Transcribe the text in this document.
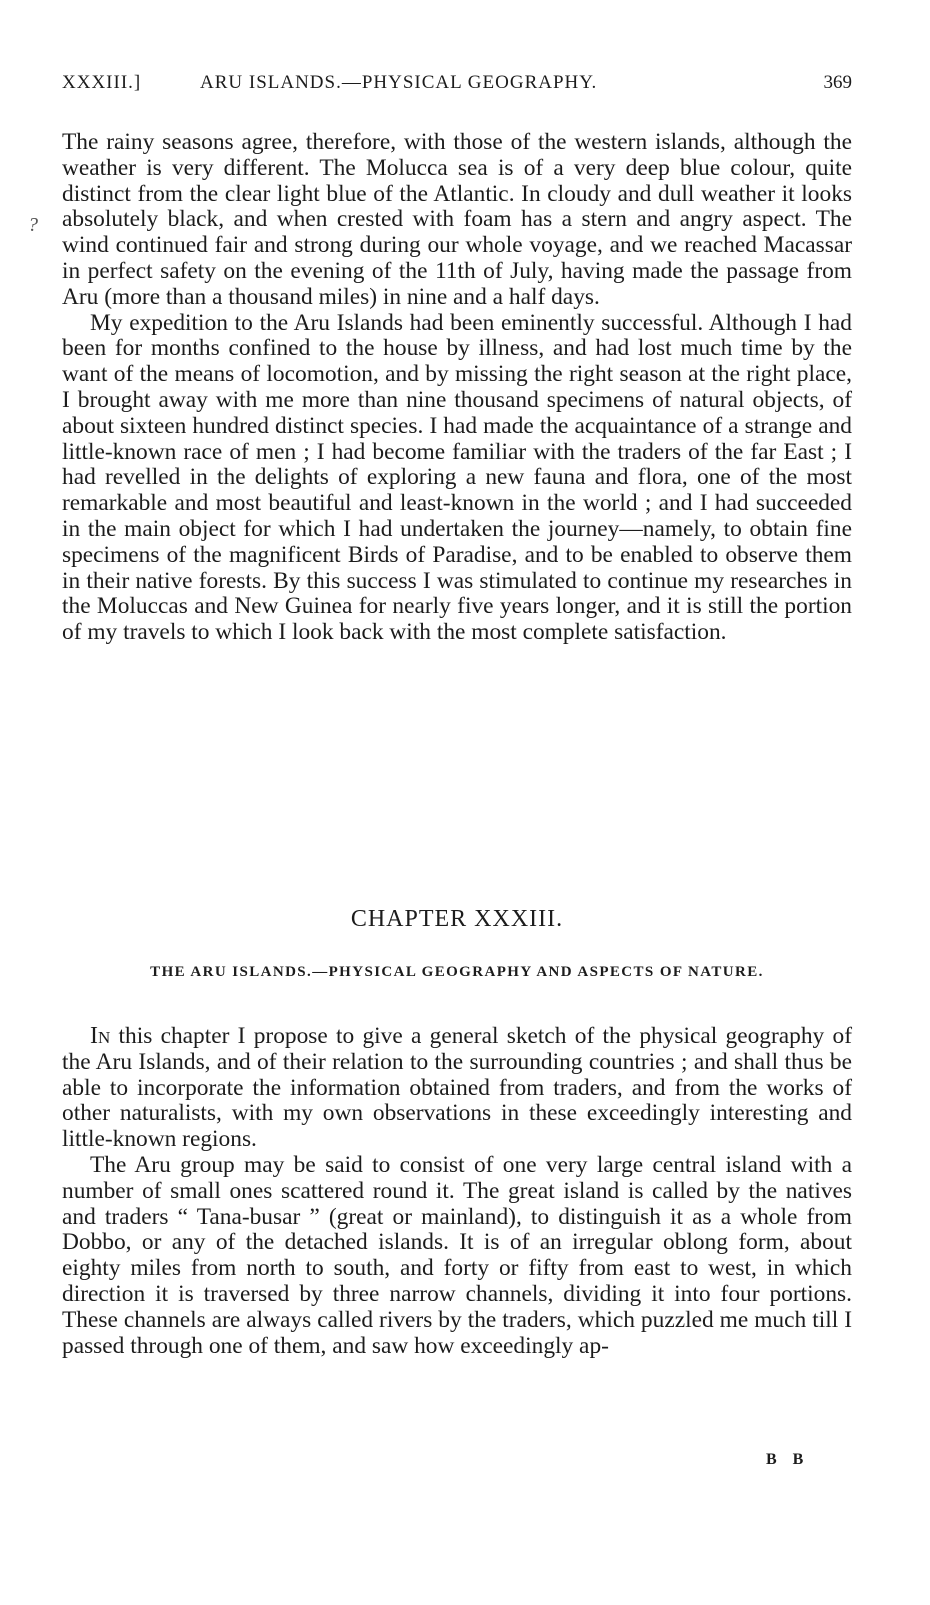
XXXIII.]	ARU ISLANDS.—PHYSICAL GEOGRAPHY.	369

The rainy seasons agree, therefore, with those of the western islands, although the weather is very different. The Molucca sea is of a very deep blue colour, quite distinct from the clear light blue of the Atlantic. In cloudy and dull weather it looks absolutely black, and when crested with foam has a stern and angry aspect. The wind continued fair and strong during our whole voyage, and we reached Macassar in perfect safety on the evening of the 11th of July, having made the passage from Aru (more than a thousand miles) in nine and a half days.

My expedition to the Aru Islands had been eminently successful. Although I had been for months confined to the house by illness, and had lost much time by the want of the means of locomotion, and by missing the right season at the right place, I brought away with me more than nine thousand specimens of natural objects, of about sixteen hundred distinct species. I had made the acquaintance of a strange and little-known race of men ; I had become familiar with the traders of the far East ; I had revelled in the delights of exploring a new fauna and flora, one of the most remarkable and most beautiful and least-known in the world ; and I had succeeded in the main object for which I had undertaken the journey—namely, to obtain fine specimens of the magnificent Birds of Paradise, and to be enabled to observe them in their native forests. By this success I was stimulated to continue my researches in the Moluccas and New Guinea for nearly five years longer, and it is still the portion of my travels to which I look back with the most complete satisfaction.

CHAPTER XXXIII.
THE ARU ISLANDS.—PHYSICAL GEOGRAPHY AND ASPECTS OF NATURE.

In this chapter I propose to give a general sketch of the physical geography of the Aru Islands, and of their relation to the surrounding countries ; and shall thus be able to incorporate the information obtained from traders, and from the works of other naturalists, with my own observations in these exceedingly interesting and little-known regions.

The Aru group may be said to consist of one very large central island with a number of small ones scattered round it. The great island is called by the natives and traders “ Tana-busar ” (great or mainland), to distinguish it as a whole from Dobbo, or any of the detached islands. It is of an irregular oblong form, about eighty miles from north to south, and forty or fifty from east to west, in which direction it is traversed by three narrow channels, dividing it into four portions. These channels are always called rivers by the traders, which puzzled me much till I passed through one of them, and saw how exceedingly ap-

B B
?
